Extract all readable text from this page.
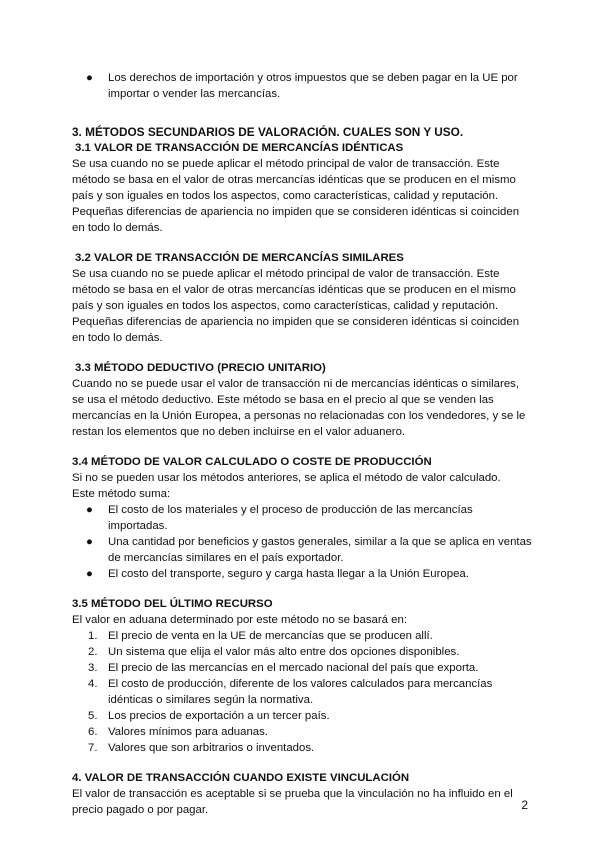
●	Los derechos de importación y otros impuestos que se deben pagar en la UE por importar o vender las mercancías.

3. MÉTODOS SECUNDARIOS DE VALORACIÓN. CUALES SON Y USO.

3.1 VALOR DE TRANSACCIÓN DE MERCANCÍAS IDÉNTICAS

Se usa cuando no se puede aplicar el método principal de valor de transacción. Este método se basa en el valor de otras mercancías idénticas que se producen en el mismo país y son iguales en todos los aspectos, como características, calidad y reputación. Pequeñas diferencias de apariencia no impiden que se consideren idénticas si coinciden en todo lo demás.

3.2 VALOR DE TRANSACCIÓN DE MERCANCÍAS SIMILARES

Se usa cuando no se puede aplicar el método principal de valor de transacción. Este método se basa en el valor de otras mercancías idénticas que se producen en el mismo país y son iguales en todos los aspectos, como características, calidad y reputación. Pequeñas diferencias de apariencia no impiden que se consideren idénticas si coinciden en todo lo demás.

3.3 MÉTODO DEDUCTIVO (PRECIO UNITARIO)

Cuando no se puede usar el valor de transacción ni de mercancías idénticas o similares, se usa el método deductivo. Este método se basa en el precio al que se venden las mercancías en la Unión Europea, a personas no relacionadas con los vendedores, y se le restan los elementos que no deben incluirse en el valor aduanero.

3.4 MÉTODO DE VALOR CALCULADO O COSTE DE PRODUCCIÓN

Si no se pueden usar los métodos anteriores, se aplica el método de valor calculado.

Este método suma:

●	El costo de los materiales y el proceso de producción de las mercancías importadas.
●	Una cantidad por beneficios y gastos generales, similar a la que se aplica en ventas de mercancías similares en el país exportador.
●	El costo del transporte, seguro y carga hasta llegar a la Unión Europea.

3.5 MÉTODO DEL ÚLTIMO RECURSO

El valor en aduana determinado por este método no se basará en:

1. El precio de venta en la UE de mercancías que se producen allí.
2. Un sistema que elija el valor más alto entre dos opciones disponibles.
3. El precio de las mercancías en el mercado nacional del país que exporta.
4. El costo de producción, diferente de los valores calculados para mercancías idénticas o similares según la normativa.
5. Los precios de exportación a un tercer país.
6. Valores mínimos para aduanas.
7. Valores que son arbitrarios o inventados.

4. VALOR DE TRANSACCIÓN CUANDO EXISTE VINCULACIÓN

El valor de transacción es aceptable si se prueba que la vinculación no ha influido en el precio pagado o por pagar.	2
